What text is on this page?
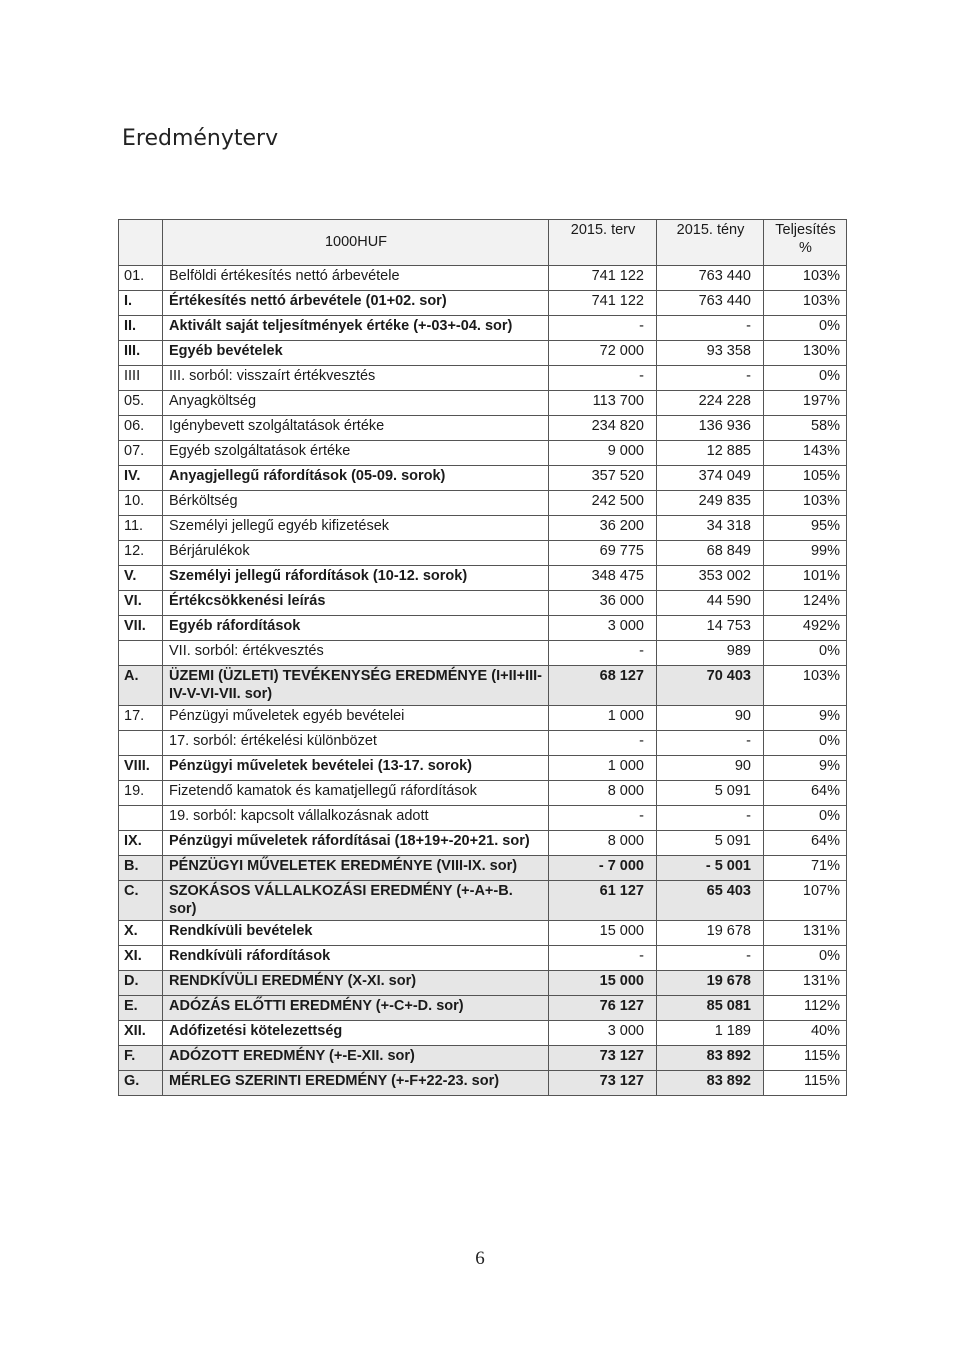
Eredményterv
	1000HUF	2015. terv	2015. tény	Teljesítés %
01.	Belföldi értékesítés nettó árbevétele	741 122	763 440	103%
I.	Értékesítés nettó árbevétele (01+02. sor)	741 122	763 440	103%
II.	Aktivált saját teljesítmények értéke (+-03+-04. sor)	-	-	0%
III.	Egyéb bevételek	72 000	93 358	130%
IIII	III. sorból: visszaírt értékvesztés	-	-	0%
05.	Anyagköltség	113 700	224 228	197%
06.	Igénybevett szolgáltatások értéke	234 820	136 936	58%
07.	Egyéb szolgáltatások értéke	9 000	12 885	143%
IV.	Anyagjellegű ráfordítások (05-09. sorok)	357 520	374 049	105%
10.	Bérköltség	242 500	249 835	103%
11.	Személyi jellegű egyéb kifizetések	36 200	34 318	95%
12.	Bérjárulékok	69 775	68 849	99%
V.	Személyi jellegű ráfordítások (10-12. sorok)	348 475	353 002	101%
VI.	Értékcsökkenési leírás	36 000	44 590	124%
VII.	Egyéb ráfordítások	3 000	14 753	492%
	VII. sorból: értékvesztés	-	989	0%
A.	ÜZEMI (ÜZLETI) TEVÉKENYSÉG EREDMÉNYE (I+II+III-IV-V-VI-VII. sor)	68 127	70 403	103%
17.	Pénzügyi műveletek egyéb bevételei	1 000	90	9%
	17. sorból: értékelési különbözet	-	-	0%
VIII.	Pénzügyi műveletek bevételei (13-17. sorok)	1 000	90	9%
19.	Fizetendő kamatok és kamatjellegű ráfordítások	8 000	5 091	64%
	19. sorból: kapcsolt vállalkozásnak adott	-	-	0%
IX.	Pénzügyi műveletek ráfordításai (18+19+-20+21. sor)	8 000	5 091	64%
B.	PÉNZÜGYI MŰVELETEK EREDMÉNYE (VIII-IX. sor)	- 7 000	- 5 001	71%
C.	SZOKÁSOS VÁLLALKOZÁSI EREDMÉNY (+-A+-B. sor)	61 127	65 403	107%
X.	Rendkívüli bevételek	15 000	19 678	131%
XI.	Rendkívüli ráfordítások	-	-	0%
D.	RENDKÍVÜLI EREDMÉNY (X-XI. sor)	15 000	19 678	131%
E.	ADÓZÁS ELŐTTI EREDMÉNY (+-C+-D. sor)	76 127	85 081	112%
XII.	Adófizetési kötelezettség	3 000	1 189	40%
F.	ADÓZOTT EREDMÉNY (+-E-XII. sor)	73 127	83 892	115%
G.	MÉRLEG SZERINTI EREDMÉNY (+-F+22-23. sor)	73 127	83 892	115%
6
